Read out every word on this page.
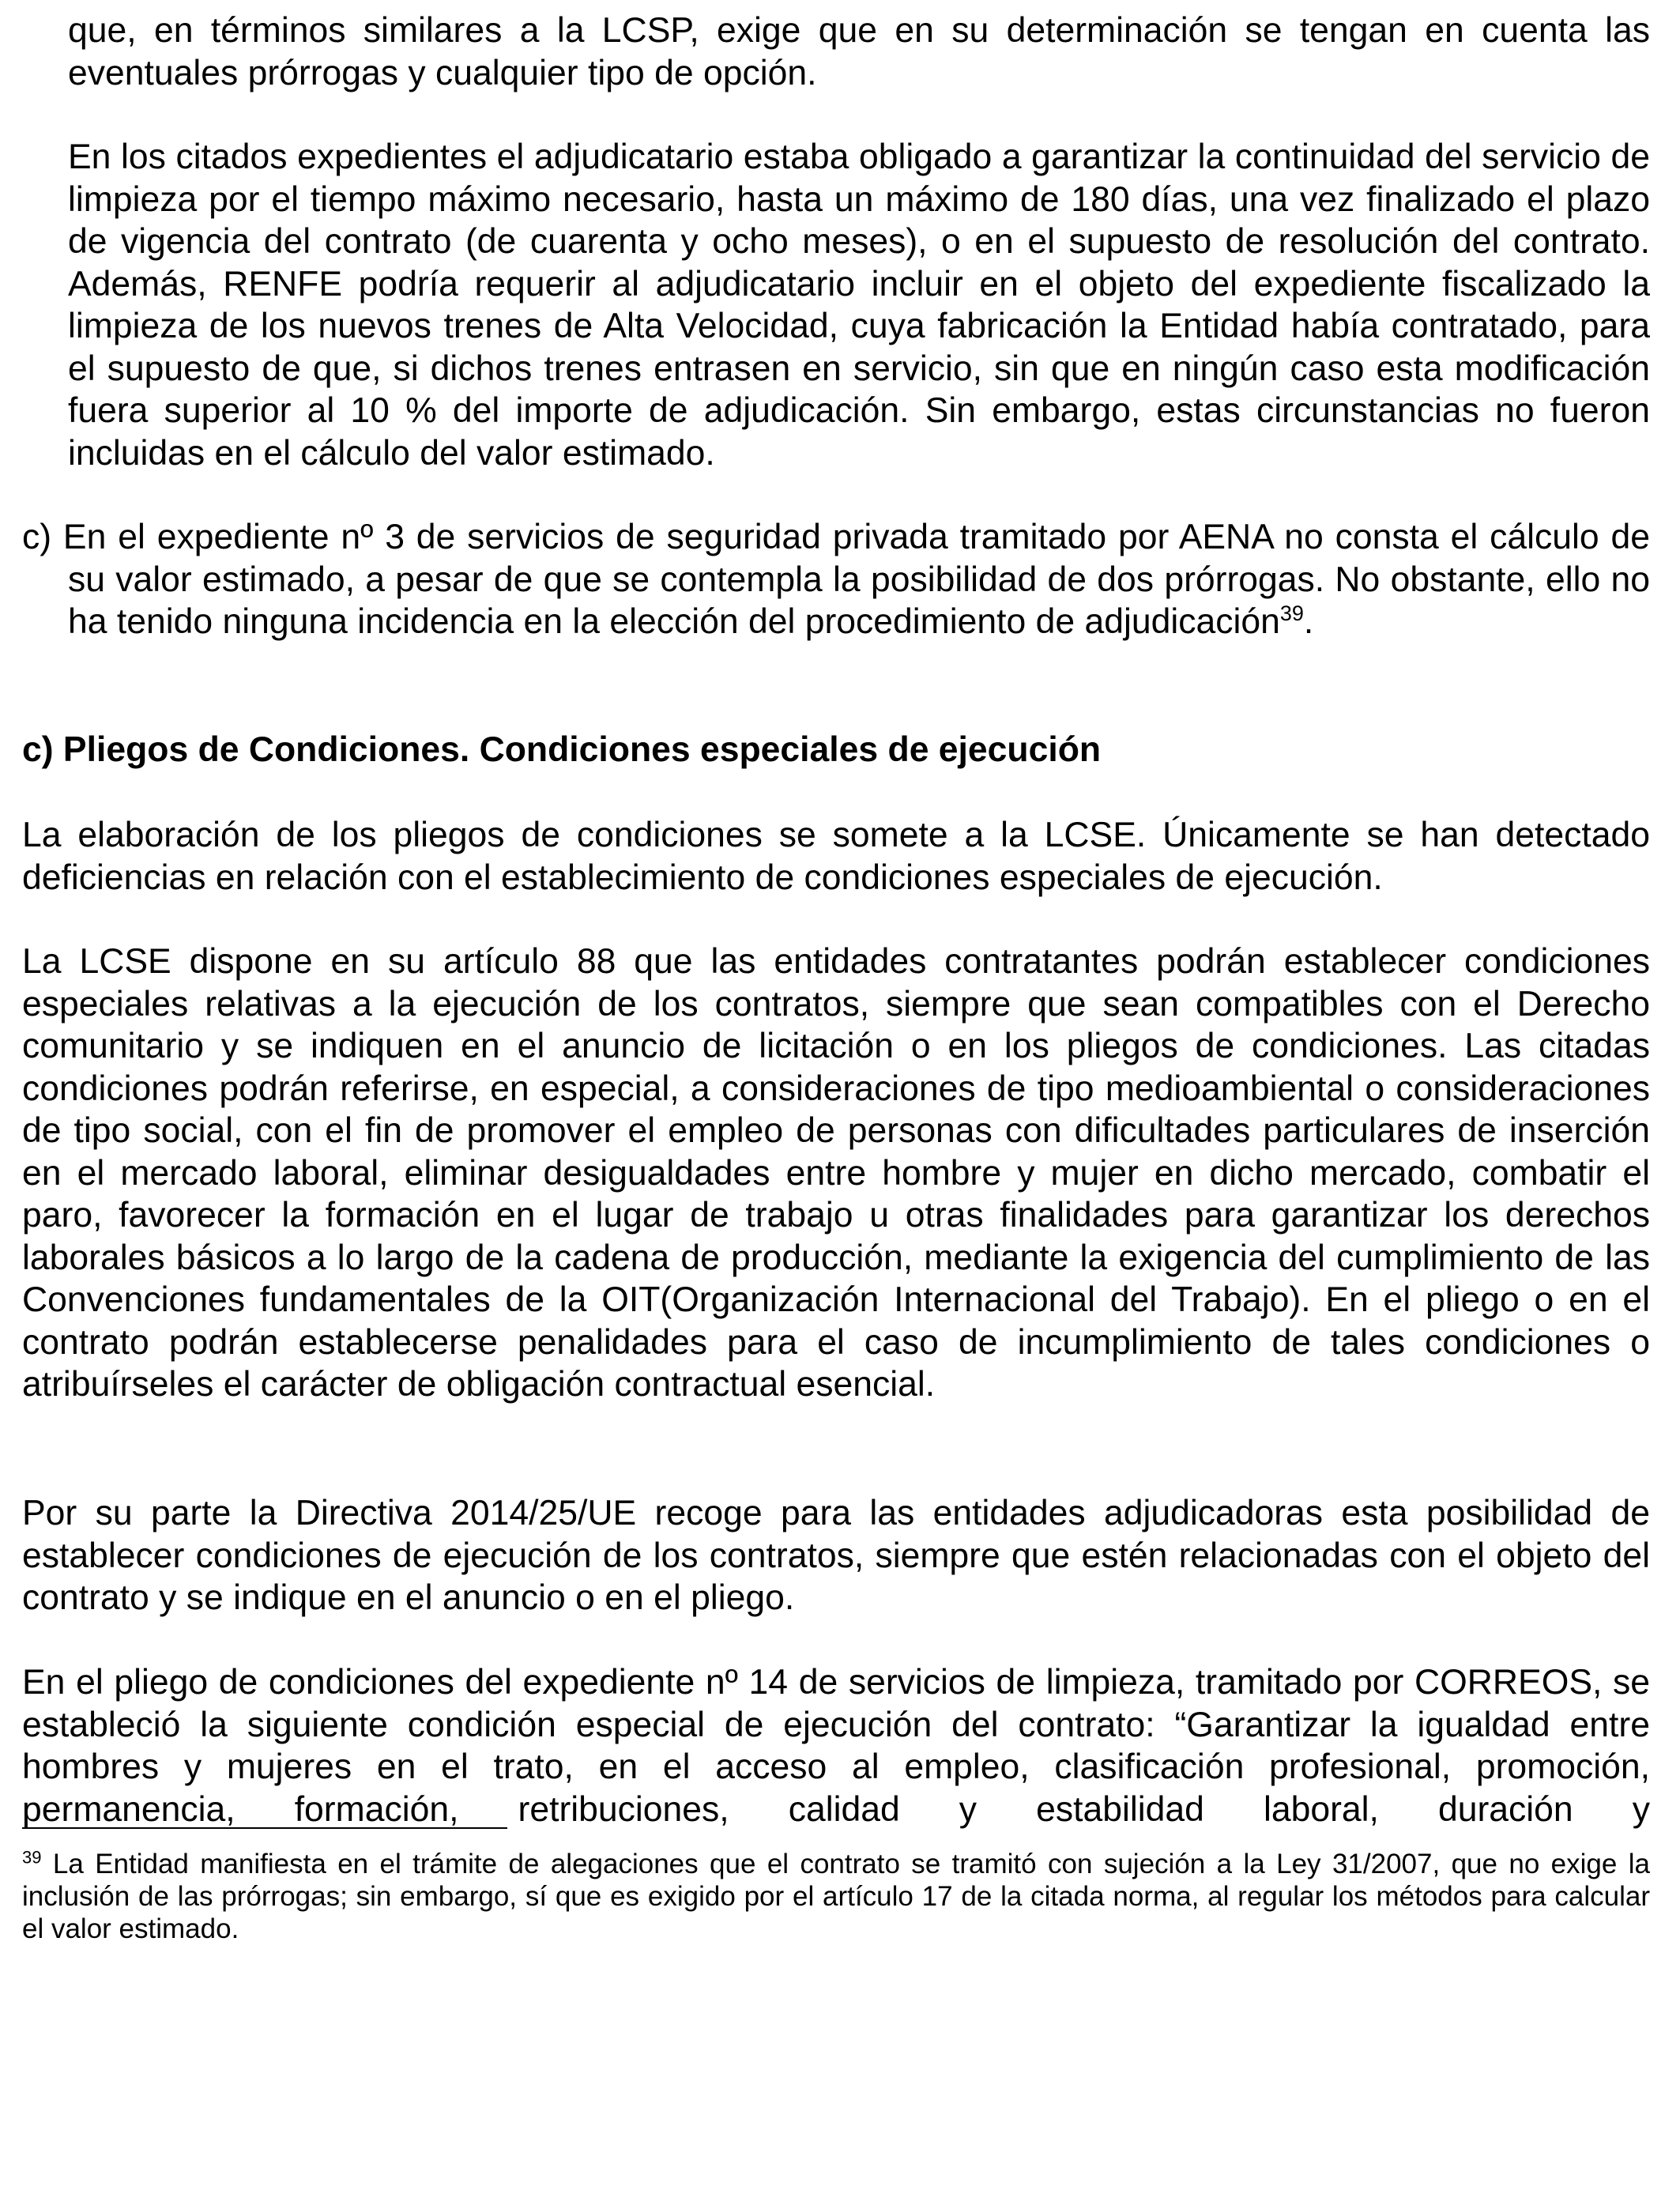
que, en términos similares a la LCSP, exige que en su determinación se tengan en cuenta las eventuales prórrogas y cualquier tipo de opción.

En los citados expedientes el adjudicatario estaba obligado a garantizar la continuidad del servicio de limpieza por el tiempo máximo necesario, hasta un máximo de 180 días, una vez finalizado el plazo de vigencia del contrato (de cuarenta y ocho meses), o en el supuesto de resolución del contrato. Además, RENFE podría requerir al adjudicatario incluir en el objeto del expediente fiscalizado la limpieza de los nuevos trenes de Alta Velocidad, cuya fabricación la Entidad había contratado, para el supuesto de que, si dichos trenes entrasen en servicio, sin que en ningún caso esta modificación fuera superior al 10 % del importe de adjudicación. Sin embargo, estas circunstancias no fueron incluidas en el cálculo del valor estimado.

c) En el expediente nº 3 de servicios de seguridad privada tramitado por AENA no consta el cálculo de su valor estimado, a pesar de que se contempla la posibilidad de dos prórrogas. No obstante, ello no ha tenido ninguna incidencia en la elección del procedimiento de adjudicación$^{39}$.

c) Pliegos de Condiciones. Condiciones especiales de ejecución

La elaboración de los pliegos de condiciones se somete a la LCSE. Únicamente se han detectado deficiencias en relación con el establecimiento de condiciones especiales de ejecución.

La LCSE dispone en su artículo 88 que las entidades contratantes podrán establecer condiciones especiales relativas a la ejecución de los contratos, siempre que sean compatibles con el Derecho comunitario y se indiquen en el anuncio de licitación o en los pliegos de condiciones. Las citadas condiciones podrán referirse, en especial, a consideraciones de tipo medioambiental o consideraciones de tipo social, con el fin de promover el empleo de personas con dificultades particulares de inserción en el mercado laboral, eliminar desigualdades entre hombre y mujer en dicho mercado, combatir el paro, favorecer la formación en el lugar de trabajo u otras finalidades para garantizar los derechos laborales básicos a lo largo de la cadena de producción, mediante la exigencia del cumplimiento de las Convenciones fundamentales de la OIT(Organización Internacional del Trabajo). En el pliego o en el contrato podrán establecerse penalidades para el caso de incumplimiento de tales condiciones o atribuírseles el carácter de obligación contractual esencial.

Por su parte la Directiva 2014/25/UE recoge para las entidades adjudicadoras esta posibilidad de establecer condiciones de ejecución de los contratos, siempre que estén relacionadas con el objeto del contrato y se indique en el anuncio o en el pliego.

En el pliego de condiciones del expediente nº 14 de servicios de limpieza, tramitado por CORREOS, se estableció la siguiente condición especial de ejecución del contrato: “Garantizar la igualdad entre hombres y mujeres en el trato, en el acceso al empleo, clasificación profesional, promoción, permanencia, formación, retribuciones, calidad y estabilidad laboral, duración y

$^{39}$ La Entidad manifiesta en el trámite de alegaciones que el contrato se tramitó con sujeción a la Ley 31/2007, que no exige la inclusión de las prórrogas; sin embargo, sí que es exigido por el artículo 17 de la citada norma, al regular los métodos para calcular el valor estimado.
